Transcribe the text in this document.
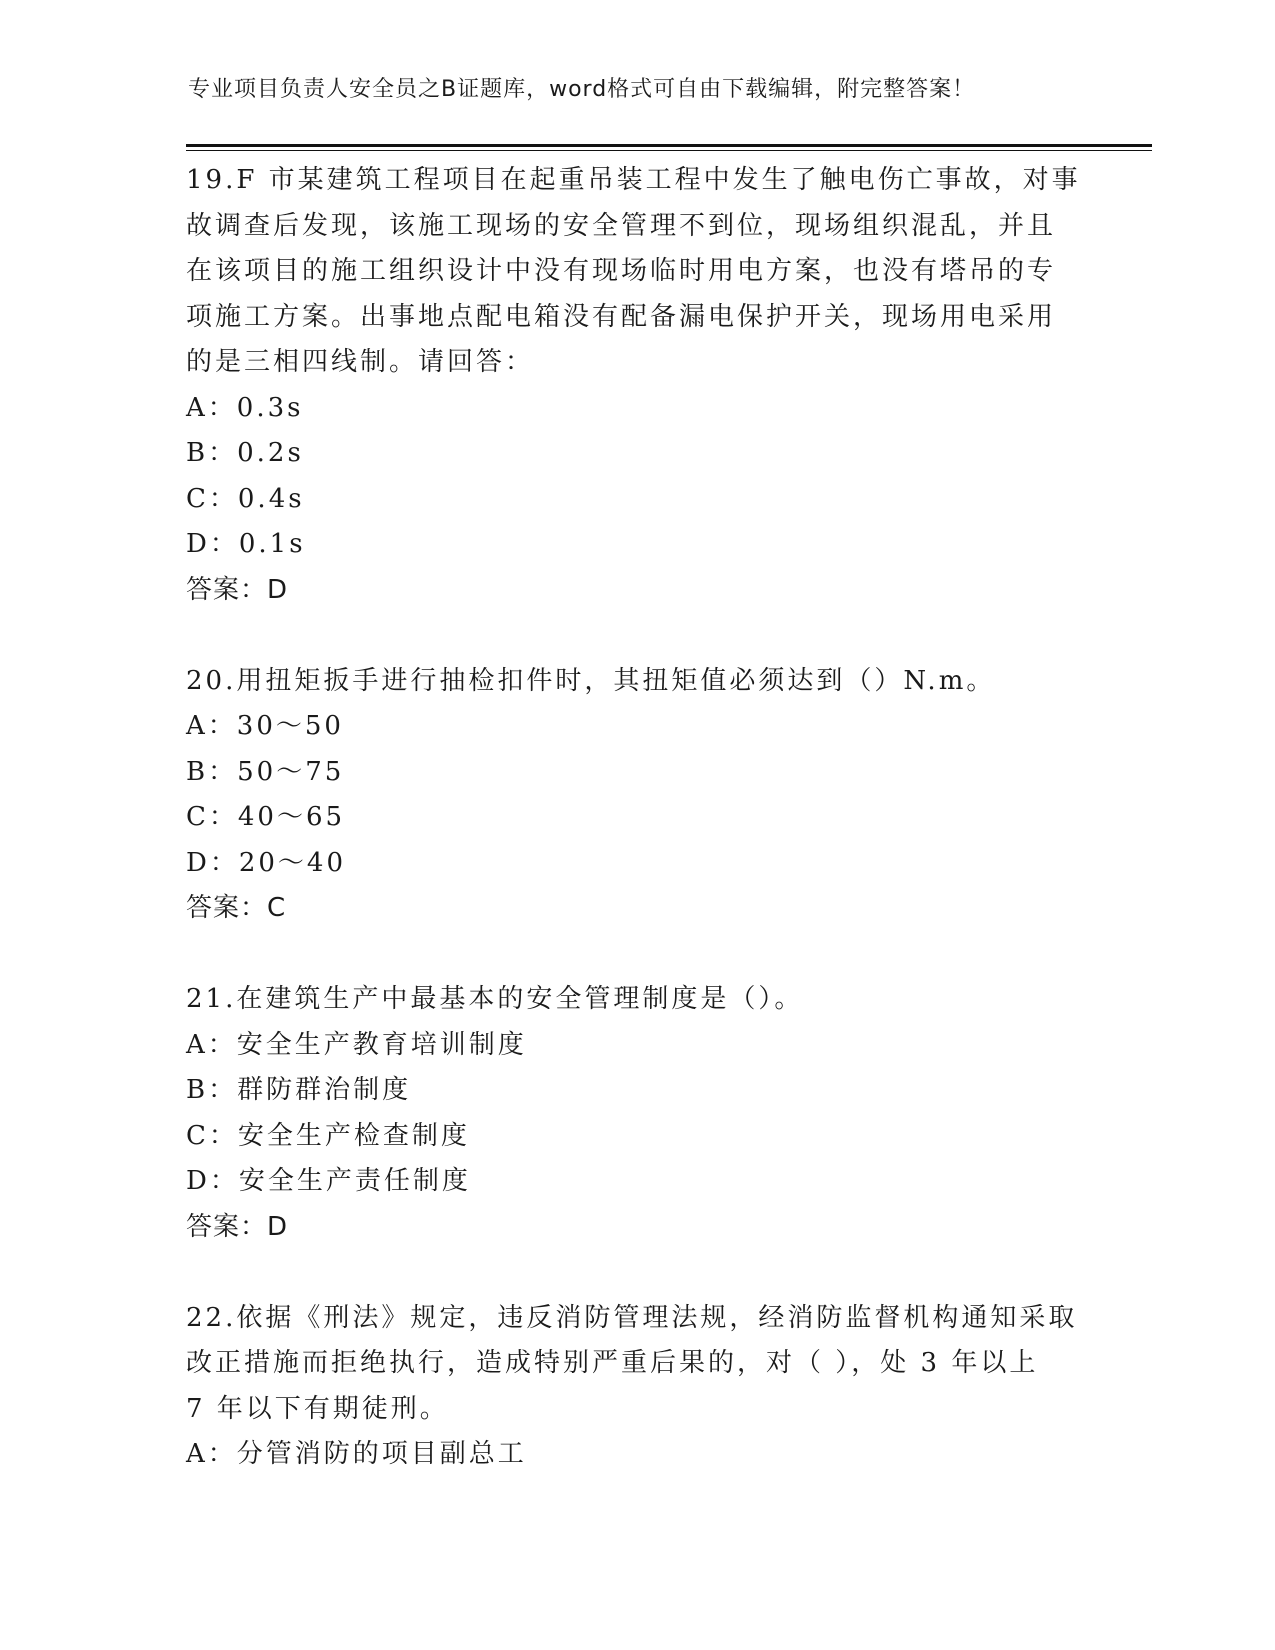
专业项目负责人安全员之B证题库，word格式可自由下载编辑，附完整答案！
19.F 市某建筑工程项目在起重吊装工程中发生了触电伤亡事故，对事
故调查后发现，该施工现场的安全管理不到位，现场组织混乱，并且
在该项目的施工组织设计中没有现场临时用电方案，也没有塔吊的专
项施工方案。出事地点配电箱没有配备漏电保护开关，现场用电采用
的是三相四线制。请回答：
A：0.3s
B：0.2s
C：0.4s
D：0.1s
答案：D
20.用扭矩扳手进行抽检扣件时，其扭矩值必须达到（）N.m。
A：30～50
B：50～75
C：40～65
D：20～40
答案：C
21.在建筑生产中最基本的安全管理制度是（）。
A：安全生产教育培训制度
B：群防群治制度
C：安全生产检查制度
D：安全生产责任制度
答案：D
22.依据《刑法》规定，违反消防管理法规，经消防监督机构通知采取
改正措施而拒绝执行，造成特别严重后果的，对（ ），处 3 年以上
7 年以下有期徒刑。
A：分管消防的项目副总工
